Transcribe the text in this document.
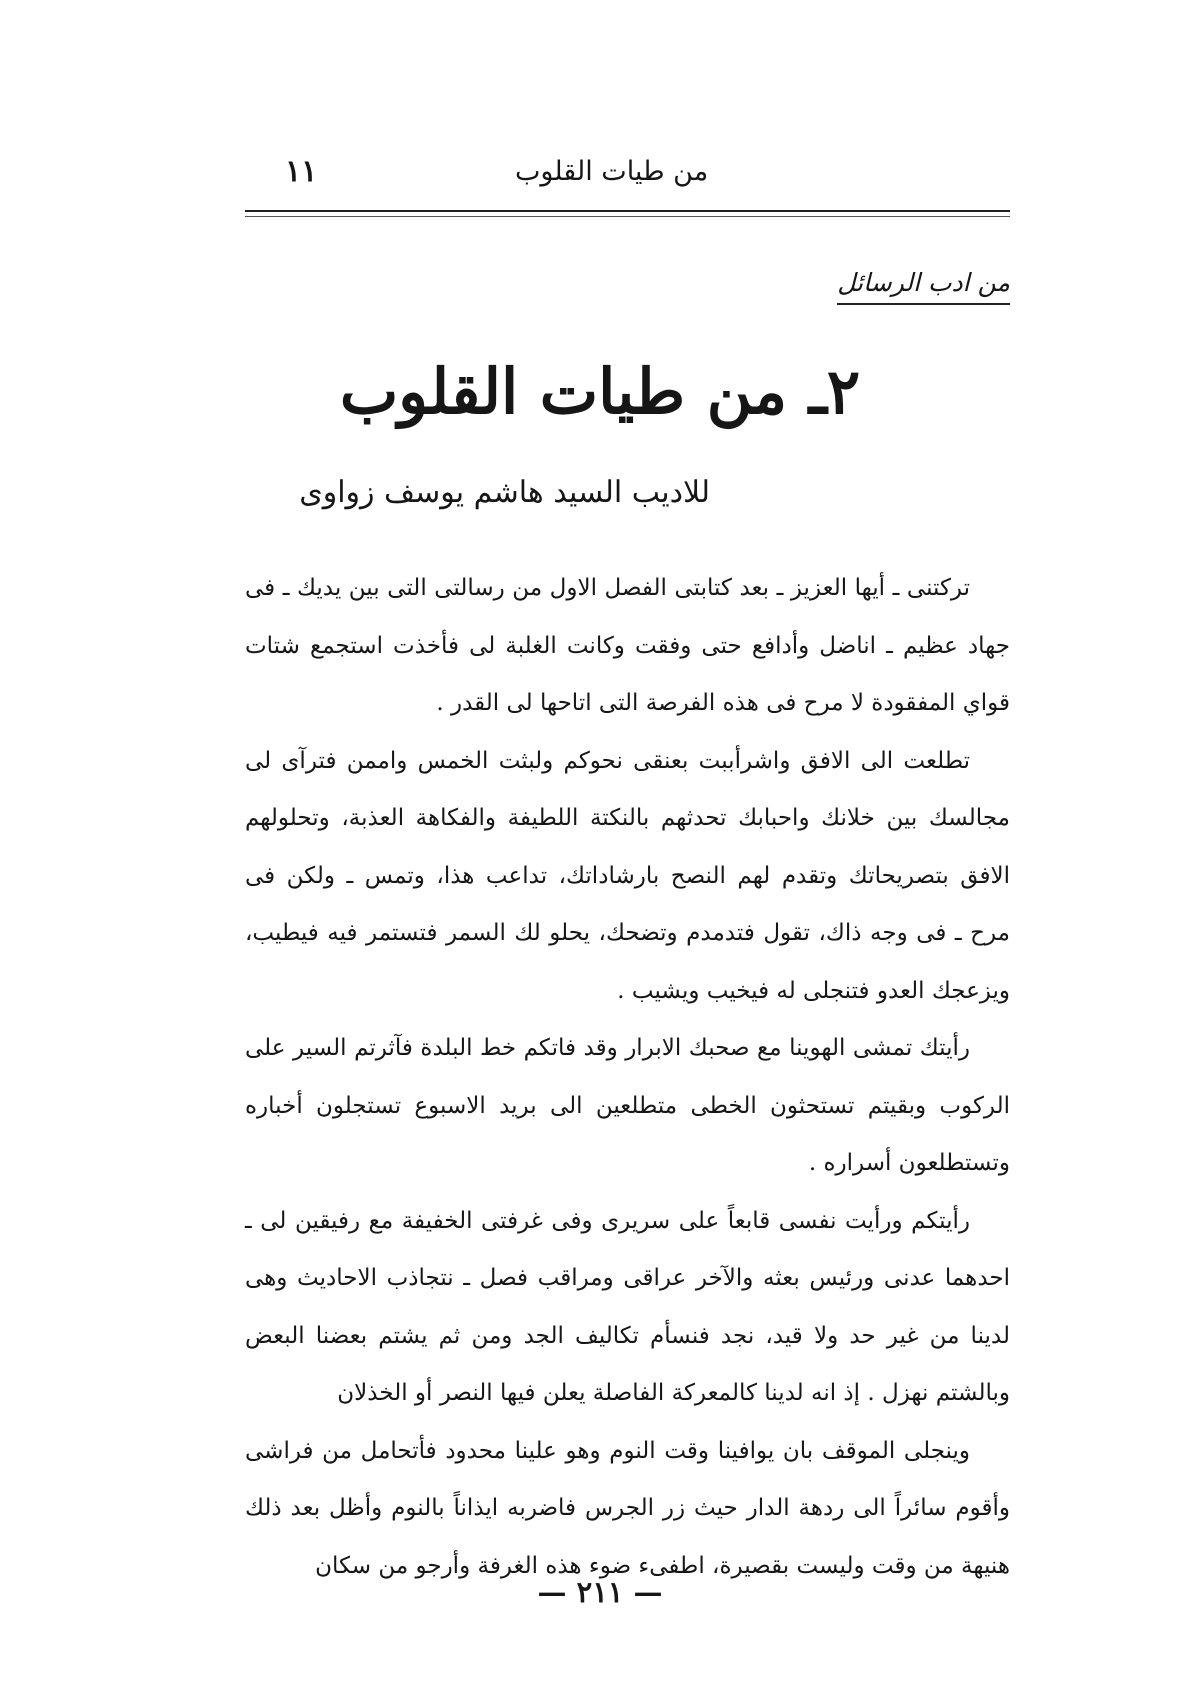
١١	من طيات القلوب
من ادب الرسائل
٢ـ من طيات القلوب
للاديب السيد هاشم يوسف زواوى

تركتنى ـ أيها العزيز ـ بعد كتابتى الفصل الاول من رسالتى التى بين يديك ـ فى جهاد عظيم ـ اناضل وأدافع حتى وفقت وكانت الغلبة لى فأخذت استجمع شتات قواي المفقودة لا مرح فى هذه الفرصة التى اتاحها لى القدر .

تطلعت الى الافق واشرأببت بعنقى نحوكم ولبثت الخمس واممن فترآى لى مجالسك بين خلانك واحبابك تحدثهم بالنكتة اللطيفة والفكاهة العذبة، وتحلولهم الافق بتصريحاتك وتقدم لهم النصح بارشاداتك، تداعب هذا، وتمس ـ ولكن فى مرح ـ فى وجه ذاك، تقول فتدمدم وتضحك، يحلو لك السمر فتستمر فيه فيطيب، ويزعجك العدو فتنجلى له فيخيب ويشيب .

رأيتك تمشى الهوينا مع صحبك الابرار وقد فاتكم خط البلدة فآثرتم السير على الركوب وبقيتم تستحثون الخطى متطلعين الى بريد الاسبوع تستجلون أخباره وتستطلعون أسراره .

رأيتكم ورأيت نفسى قابعاً على سريرى وفى غرفتى الخفيفة مع رفيقين لى ـ احدهما عدنى ورئيس بعثه والآخر عراقى ومراقب فصل ـ نتجاذب الاحاديث وهى لدينا من غير حد ولا قيد، نجد فنسأم تكاليف الجد ومن ثم يشتم بعضنا البعض وبالشتم نهزل . إذ انه لدينا كالمعركة الفاصلة يعلن فيها النصر أو الخذلان

وينجلى الموقف بان يوافينا وقت النوم وهو علينا محدود فأتحامل من فراشى وأقوم سائراً الى ردهة الدار حيث زر الجرس فاضربه ايذاناً بالنوم وأظل بعد ذلك هنيهة من وقت وليست بقصيرة، اطفىء ضوء هذه الغرفة وأرجو من سكان

— ٢١١ —
